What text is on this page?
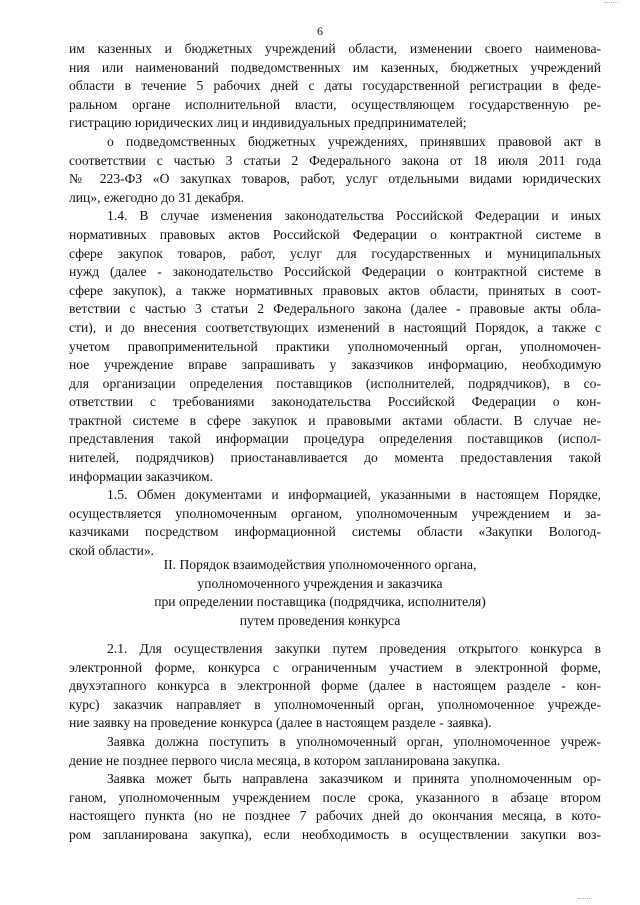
6
им казенных и бюджетных учреждений области, изменении своего наименова-
ния или наименований подведомственных им казенных, бюджетных учреждений
области в течение 5 рабочих дней с даты государственной регистрации в феде-
ральном органе исполнительной власти, осуществляющем государственную ре-
гистрацию юридических лиц и индивидуальных предпринимателей;
о подведомственных бюджетных учреждениях, принявших правовой акт в
соответствии с частью 3 статьи 2 Федерального закона от 18 июля 2011 года
№ 223-ФЗ «О закупках товаров, работ, услуг отдельными видами юридических
лиц», ежегодно до 31 декабря.
1.4. В случае изменения законодательства Российской Федерации и иных
нормативных правовых актов Российской Федерации о контрактной системе в
сфере закупок товаров, работ, услуг для государственных и муниципальных
нужд (далее - законодательство Российской Федерации о контрактной системе в
сфере закупок), а также нормативных правовых актов области, принятых в соот-
ветствии с частью 3 статьи 2 Федерального закона (далее - правовые акты обла-
сти), и до внесения соответствующих изменений в настоящий Порядок, а также с
учетом правоприменительной практики уполномоченный орган, уполномочен-
ное учреждение вправе запрашивать у заказчиков информацию, необходимую
для организации определения поставщиков (исполнителей, подрядчиков), в со-
ответствии с требованиями законодательства Российской Федерации о кон-
трактной системе в сфере закупок и правовыми актами области. В случае не-
представления такой информации процедура определения поставщиков (испол-
нителей, подрядчиков) приостанавливается до момента предоставления такой
информации заказчиком.
1.5. Обмен документами и информацией, указанными в настоящем Порядке,
осуществляется уполномоченным органом, уполномоченным учреждением и за-
казчиками посредством информационной системы области «Закупки Вологод-
ской области».
II. Порядок взаимодействия уполномоченного органа,
уполномоченного учреждения и заказчика
при определении поставщика (подрядчика, исполнителя)
путем проведения конкурса
2.1. Для осуществления закупки путем проведения открытого конкурса в
электронной форме, конкурса с ограниченным участием в электронной форме,
двухэтапного конкурса в электронной форме (далее в настоящем разделе - кон-
курс) заказчик направляет в уполномоченный орган, уполномоченное учрежде-
ние заявку на проведение конкурса (далее в настоящем разделе - заявка).
Заявка должна поступить в уполномоченный орган, уполномоченное учреж-
дение не позднее первого числа месяца, в котором запланирована закупка.
Заявка может быть направлена заказчиком и принята уполномоченным ор-
ганом, уполномоченным учреждением после срока, указанного в абзаце втором
настоящего пункта (но не позднее 7 рабочих дней до окончания месяца, в кото-
ром запланирована закупка), если необходимость в осуществлении закупки воз-
